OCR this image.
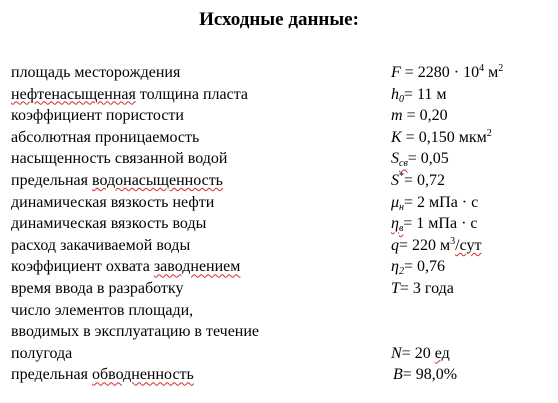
Исходные данные:
площадь месторождения	$F = 2280 \cdot 10^4$ $м^2$
нефтенасыщенная толщина пласта	$h_0= 11$ м
коэффициент пористости	m = 0,20
абсолютная проницаемость	K = 0,150 мкм$^2$
насыщенность связанной водой	$S_{св}= 0,05$
предельная водонасыщенность	S*= 0,72
динамическая вязкость нефти	$\mu_н= 2$ мПа · с
динамическая вязкость воды	$\eta_в= 1$ мПа · с
расход закачиваемой воды	q= 220 $м^3$/сут
коэффициент охвата заводнением	$\eta_2= 0,76$
время ввода в разработку	T= 3 года
число элементов площади,
вводимых в эксплуатацию в течение
полугода	N= 20 ед
предельная обводненность	B= 98,0%
